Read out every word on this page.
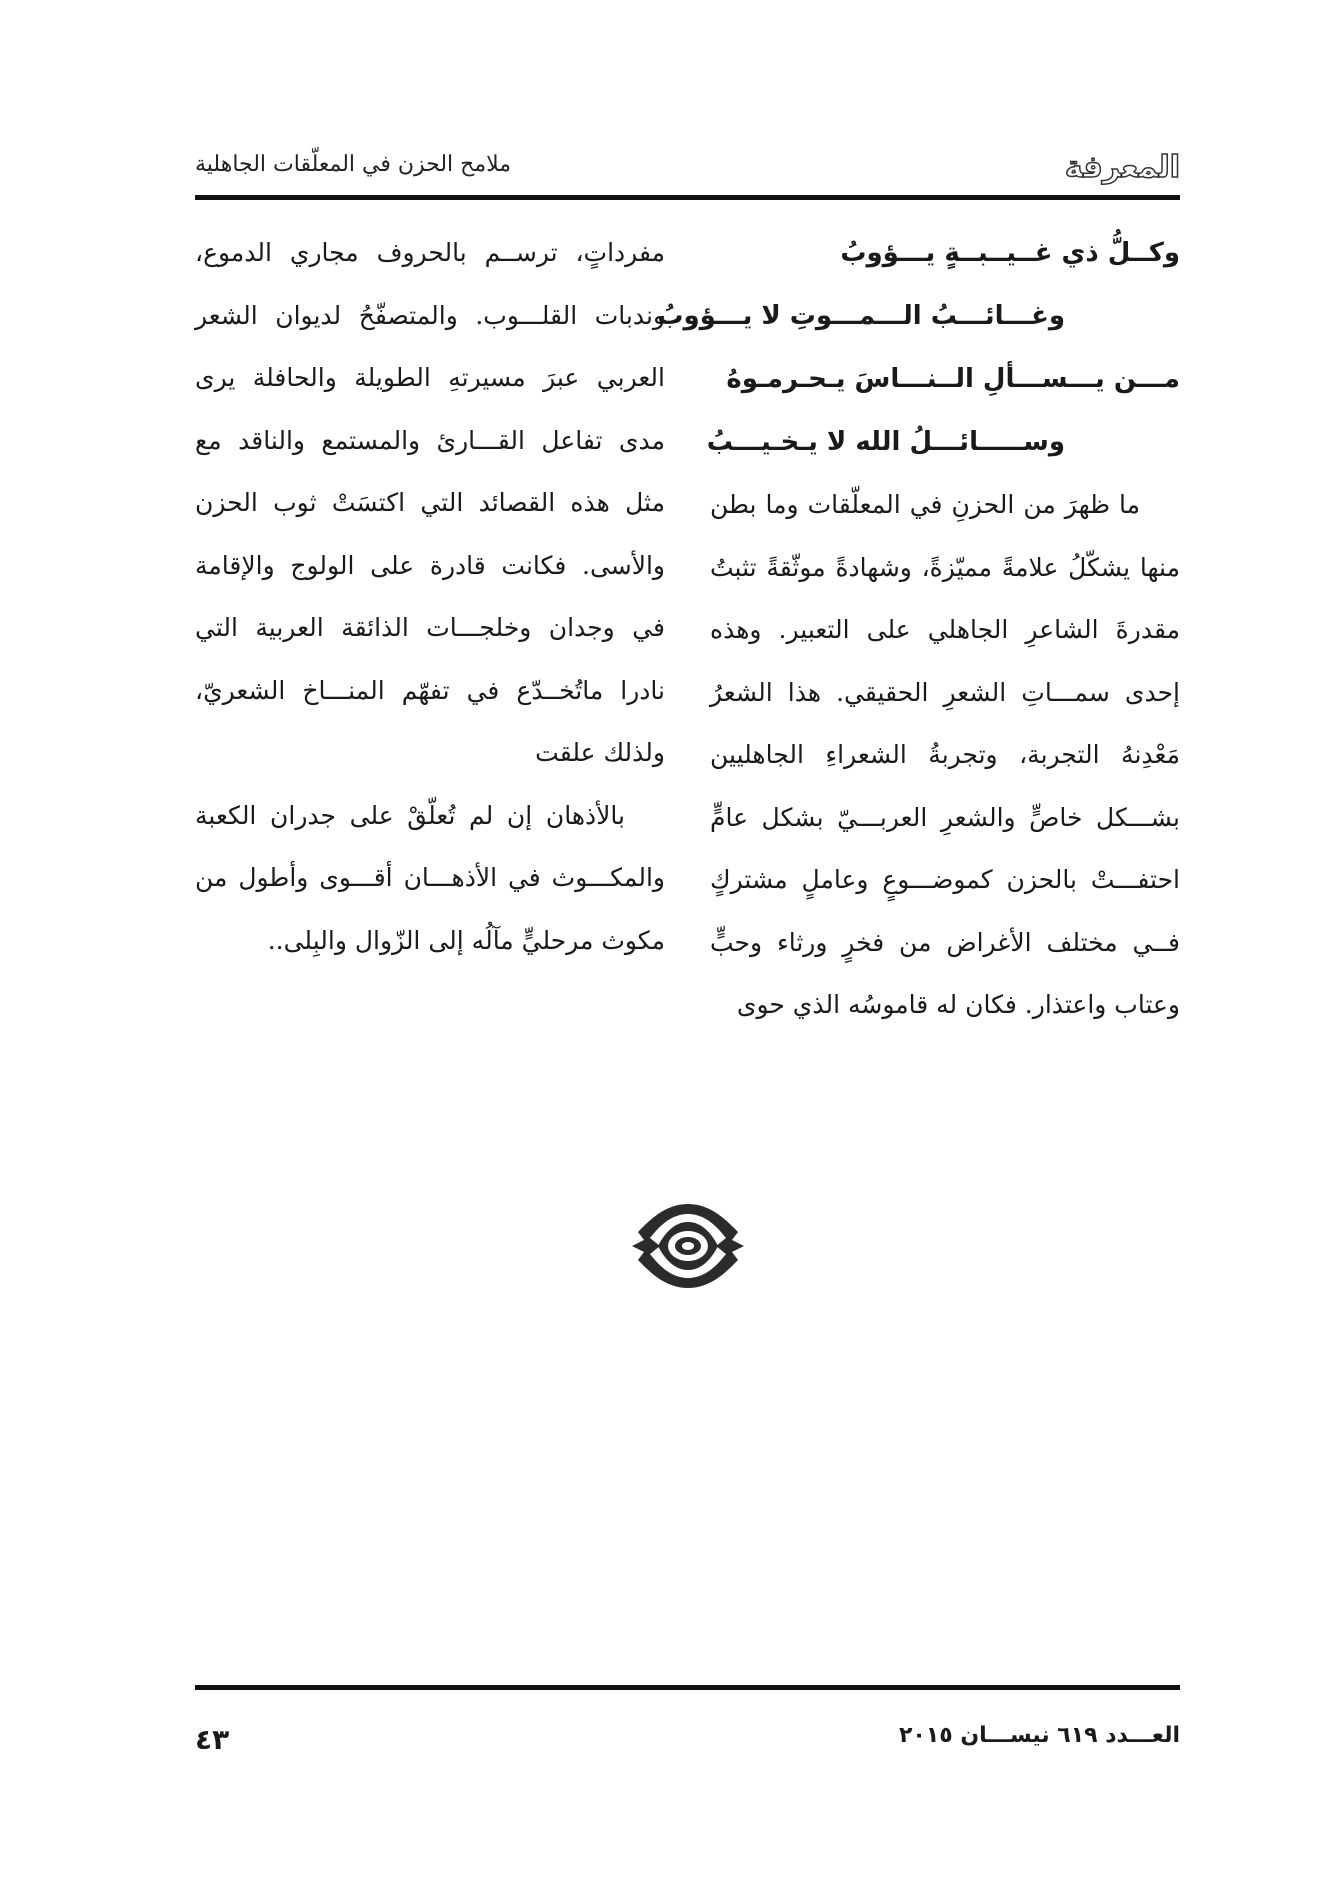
المعرفة
ملامح الحزن في المعلّقات الجاهلية
وكــلُّ ذي غــيــبــةٍ يـــؤوبُ
وغـــائـــبُ الـــمـــوتِ لا يـــؤوبُ
مـــن يـــســـألِ الــنـــاسَ يـحـرمـوهُ
وســـــائـــلُ الله لا يـخـيـــبُ

ما ظهرَ من الحزنِ في المعلّقات وما بطن منها يشكّلُ علامةً مميّزةً، وشهادةً موثّقةً تثبتُ مقدرةَ الشاعرِ الجاهلي على التعبير. وهذه إحدى سمـــاتِ الشعرِ الحقيقي. هذا الشعرُ مَعْدِنهُ التجربة، وتجربةُ الشعراءِ الجاهليين بشـــكل خاصٍّ والشعرِ العربـــيّ بشكل عامٍّ احتفـــتْ بالحزن كموضـــوعٍ وعاملٍ مشتركٍ فــي مختلف الأغراض من فخرٍ ورثاء وحبٍّ وعتاب واعتذار. فكان له قاموسُه الذي حوى

مفرداتٍ، ترســم بالحروف مجاري الدموع، وندبات القلـــوب. والمتصفّحُ لديوان الشعر العربي عبرَ مسيرتهِ الطويلة والحافلة يرى مدى تفاعل القـــارئ والمستمع والناقد مع مثل هذه القصائد التي اكتسَتْ ثوب الحزن والأسى. فكانت قادرة على الولوج والإقامة في وجدان وخلجـــات الذائقة العربية التي نادرا ماتُخــدّع في تفهّم المنـــاخ الشعريّ، ولذلك علقت

بالأذهان إن لم تُعلّقْ على جدران الكعبة والمكـــوث في الأذهـــان أقـــوى وأطول من مكوث مرحليٍّ مآلُه إلى الزّوال والبِلى..

٤٣	العـــدد ٦١٩ نيســـان ٢٠١٥
